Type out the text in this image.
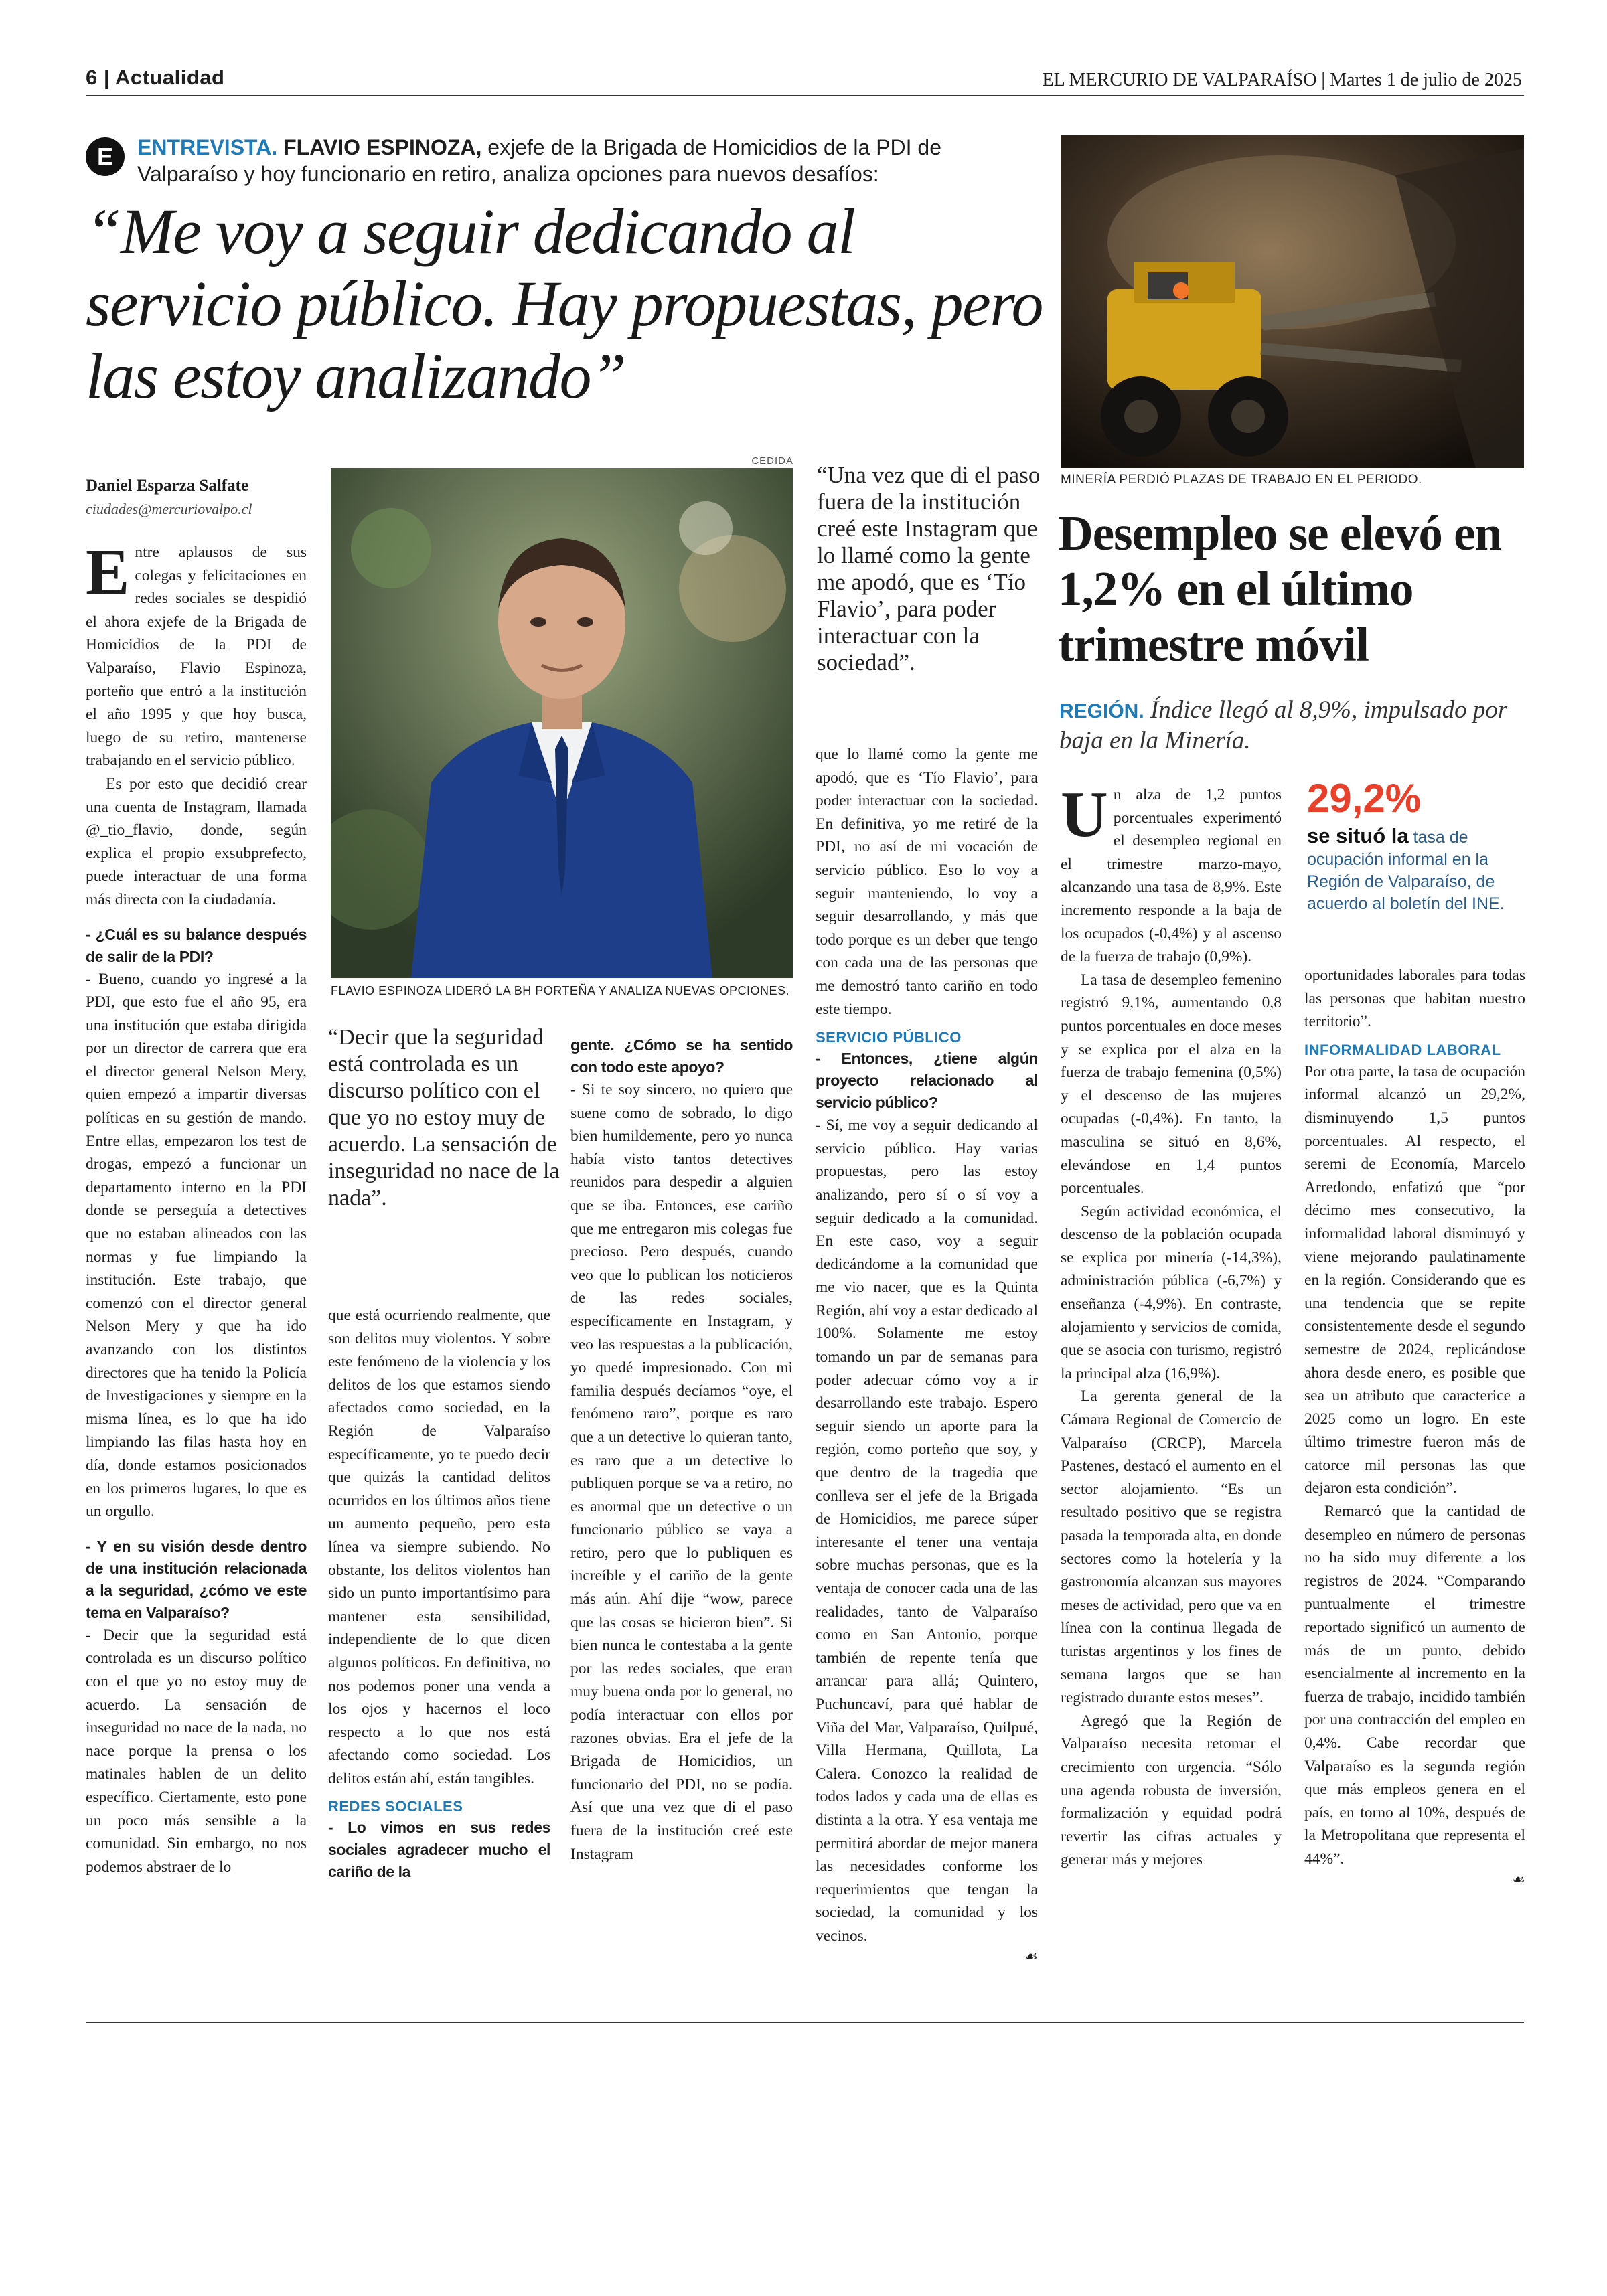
6 | Actualidad	EL MERCURIO DE VALPARAÍSO | Martes 1 de julio de 2025
E	ENTREVISTA. FLAVIO ESPINOZA, exjefe de la Brigada de Homicidios de la PDI de Valparaíso y hoy funcionario en retiro, analiza opciones para nuevos desafíos:
“Me voy a seguir dedicando al servicio público. Hay propuestas, pero las estoy analizando”
Daniel Esparza Salfate
ciudades@mercuriovalpo.cl

Entre aplausos de sus colegas y felicitaciones en redes sociales se despidió el ahora exjefe de la Brigada de Homicidios de la PDI de Valparaíso, Flavio Espinoza, porteño que entró a la institución el año 1995 y que hoy busca, luego de su retiro, mantenerse trabajando en el servicio público.

Es por esto que decidió crear una cuenta de Instagram, llamada @_tio_flavio, donde, según explica el propio exsubprefecto, puede interactuar de una forma más directa con la ciudadanía.

- ¿Cuál es su balance después de salir de la PDI?

- Bueno, cuando yo ingresé a la PDI, que esto fue el año 95, era una institución que estaba dirigida por un director de carrera que era el director general Nelson Mery, quien empezó a impartir diversas políticas en su gestión de mando. Entre ellas, empezaron los test de drogas, empezó a funcionar un departamento interno en la PDI donde se perseguía a detectives que no estaban alineados con las normas y fue limpiando la institución. Este trabajo, que comenzó con el director general Nelson Mery y que ha ido avanzando con los distintos directores que ha tenido la Policía de Investigaciones y siempre en la misma línea, es lo que ha ido limpiando las filas hasta hoy en día, donde estamos posicionados en los primeros lugares, lo que es un orgullo.

- Y en su visión desde dentro de una institución relacionada a la seguridad, ¿cómo ve este tema en Valparaíso?

- Decir que la seguridad está controlada es un discurso político con el que yo no estoy muy de acuerdo. La sensación de inseguridad no nace de la nada, no nace porque la prensa o los matinales hablen de un delito específico. Ciertamente, esto pone un poco más sensible a la comunidad. Sin embargo, no nos podemos abstraer de lo

CEDIDA
FLAVIO ESPINOZA LIDERÓ LA BH PORTEÑA Y ANALIZA NUEVAS OPCIONES.
“Decir que la seguridad está controlada es un discurso político con el que yo no estoy muy de acuerdo. La sensación de inseguridad no nace de la nada”.

que está ocurriendo realmente, que son delitos muy violentos. Y sobre este fenómeno de la violencia y los delitos de los que estamos siendo afectados como sociedad, en la Región de Valparaíso específicamente, yo te puedo decir que quizás la cantidad delitos ocurridos en los últimos años tiene un aumento pequeño, pero esta línea va siempre subiendo. No obstante, los delitos violentos han sido un punto importantísimo para mantener esta sensibilidad, independiente de lo que dicen algunos políticos. En definitiva, no nos podemos poner una venda a los ojos y hacernos el loco respecto a lo que nos está afectando como sociedad. Los delitos están ahí, están tangibles.

REDES SOCIALES
- Lo vimos en sus redes sociales agradecer mucho el cariño de la
gente. ¿Cómo se ha sentido con todo este apoyo?

- Si te soy sincero, no quiero que suene como de sobrado, lo digo bien humildemente, pero yo nunca había visto tantos detectives reunidos para despedir a alguien que se iba. Entonces, ese cariño que me entregaron mis colegas fue precioso. Pero después, cuando veo que lo publican los noticieros de las redes sociales, específicamente en Instagram, y veo las respuestas a la publicación, yo quedé impresionado. Con mi familia después decíamos “oye, el fenómeno raro”, porque es raro que a un detective lo quieran tanto, es raro que a un detective lo publiquen porque se va a retiro, no es anormal que un detective o un funcionario público se vaya a retiro, pero que lo publiquen es increíble y el cariño de la gente más aún. Ahí dije “wow, parece que las cosas se hicieron bien”. Si bien nunca le contestaba a la gente por las redes sociales, que eran muy buena onda por lo general, no podía interactuar con ellos por razones obvias. Era el jefe de la Brigada de Homicidios, un funcionario del PDI, no se podía. Así que una vez que di el paso fuera de la institución creé este Instagram

“Una vez que di el paso fuera de la institución creé este Instagram que lo llamé como la gente me apodó, que es ‘Tío Flavio’, para poder interactuar con la sociedad”.

que lo llamé como la gente me apodó, que es ‘Tío Flavio’, para poder interactuar con la sociedad. En definitiva, yo me retiré de la PDI, no así de mi vocación de servicio público. Eso lo voy a seguir manteniendo, lo voy a seguir desarrollando, y más que todo porque es un deber que tengo con cada una de las personas que me demostró tanto cariño en todo este tiempo.

SERVICIO PÚBLICO
- Entonces, ¿tiene algún proyecto relacionado al servicio público?

- Sí, me voy a seguir dedicando al servicio público. Hay varias propuestas, pero las estoy analizando, pero sí o sí voy a seguir dedicado a la comunidad. En este caso, voy a seguir dedicándome a la comunidad que me vio nacer, que es la Quinta Región, ahí voy a estar dedicado al 100%. Solamente me estoy tomando un par de semanas para poder adecuar cómo voy a ir desarrollando este trabajo. Espero seguir siendo un aporte para la región, como porteño que soy, y que dentro de la tragedia que conlleva ser el jefe de la Brigada de Homicidios, me parece súper interesante el tener una ventaja sobre muchas personas, que es la ventaja de conocer cada una de las realidades, tanto de Valparaíso como en San Antonio, porque también de repente tenía que arrancar para allá; Quintero, Puchuncaví, para qué hablar de Viña del Mar, Valparaíso, Quilpué, Villa Hermana, Quillota, La Calera. Conozco la realidad de todos lados y cada una de ellas es distinta a la otra. Y esa ventaja me permitirá abordar de mejor manera las necesidades conforme los requerimientos que tengan la sociedad, la comunidad y los vecinos.

☙
MINERÍA PERDIÓ PLAZAS DE TRABAJO EN EL PERIODO.
Desempleo se elevó en 1,2% en el último trimestre móvil
REGIÓN. Índice llegó al 8,9%, impulsado por baja en la Minería.
29,2%
se situó la tasa de ocupación informal en la Región de Valparaíso, de acuerdo al boletín del INE.

Un alza de 1,2 puntos porcentuales experimentó el desempleo regional en el trimestre marzo-mayo, alcanzando una tasa de 8,9%. Este incremento responde a la baja de los ocupados (-0,4%) y al ascenso de la fuerza de trabajo (0,9%).

La tasa de desempleo femenino registró 9,1%, aumentando 0,8 puntos porcentuales en doce meses y se explica por el alza en la fuerza de trabajo femenina (0,5%) y el descenso de las mujeres ocupadas (-0,4%). En tanto, la masculina se situó en 8,6%, elevándose en 1,4 puntos porcentuales.

Según actividad económica, el descenso de la población ocupada se explica por minería (-14,3%), administración pública (-6,7%) y enseñanza (-4,9%). En contraste, alojamiento y servicios de comida, que se asocia con turismo, registró la principal alza (16,9%).

La gerenta general de la Cámara Regional de Comercio de Valparaíso (CRCP), Marcela Pastenes, destacó el aumento en el sector alojamiento. “Es un resultado positivo que se registra pasada la temporada alta, en donde sectores como la hotelería y la gastronomía alcanzan sus mayores meses de actividad, pero que va en línea con la continua llegada de turistas argentinos y los fines de semana largos que se han registrado durante estos meses”.

Agregó que la Región de Valparaíso necesita retomar el crecimiento con urgencia. “Sólo una agenda robusta de inversión, formalización y equidad podrá revertir las cifras actuales y generar más y mejores

oportunidades laborales para todas las personas que habitan nuestro territorio”.

INFORMALIDAD LABORAL

Por otra parte, la tasa de ocupación informal alcanzó un 29,2%, disminuyendo 1,5 puntos porcentuales. Al respecto, el seremi de Economía, Marcelo Arredondo, enfatizó que “por décimo mes consecutivo, la informalidad laboral disminuyó y viene mejorando paulatinamente en la región. Considerando que es una tendencia que se repite consistentemente desde el segundo semestre de 2024, replicándose ahora desde enero, es posible que sea un atributo que caracterice a 2025 como un logro. En este último trimestre fueron más de catorce mil personas las que dejaron esta condición”.

Remarcó que la cantidad de desempleo en número de personas no ha sido muy diferente a los registros de 2024. “Comparando puntualmente el trimestre reportado significó un aumento de más de un punto, debido esencialmente al incremento en la fuerza de trabajo, incidido también por una contracción del empleo en 0,4%. Cabe recordar que Valparaíso es la segunda región que más empleos genera en el país, en torno al 10%, después de la Metropolitana que representa el 44%”.

☙
